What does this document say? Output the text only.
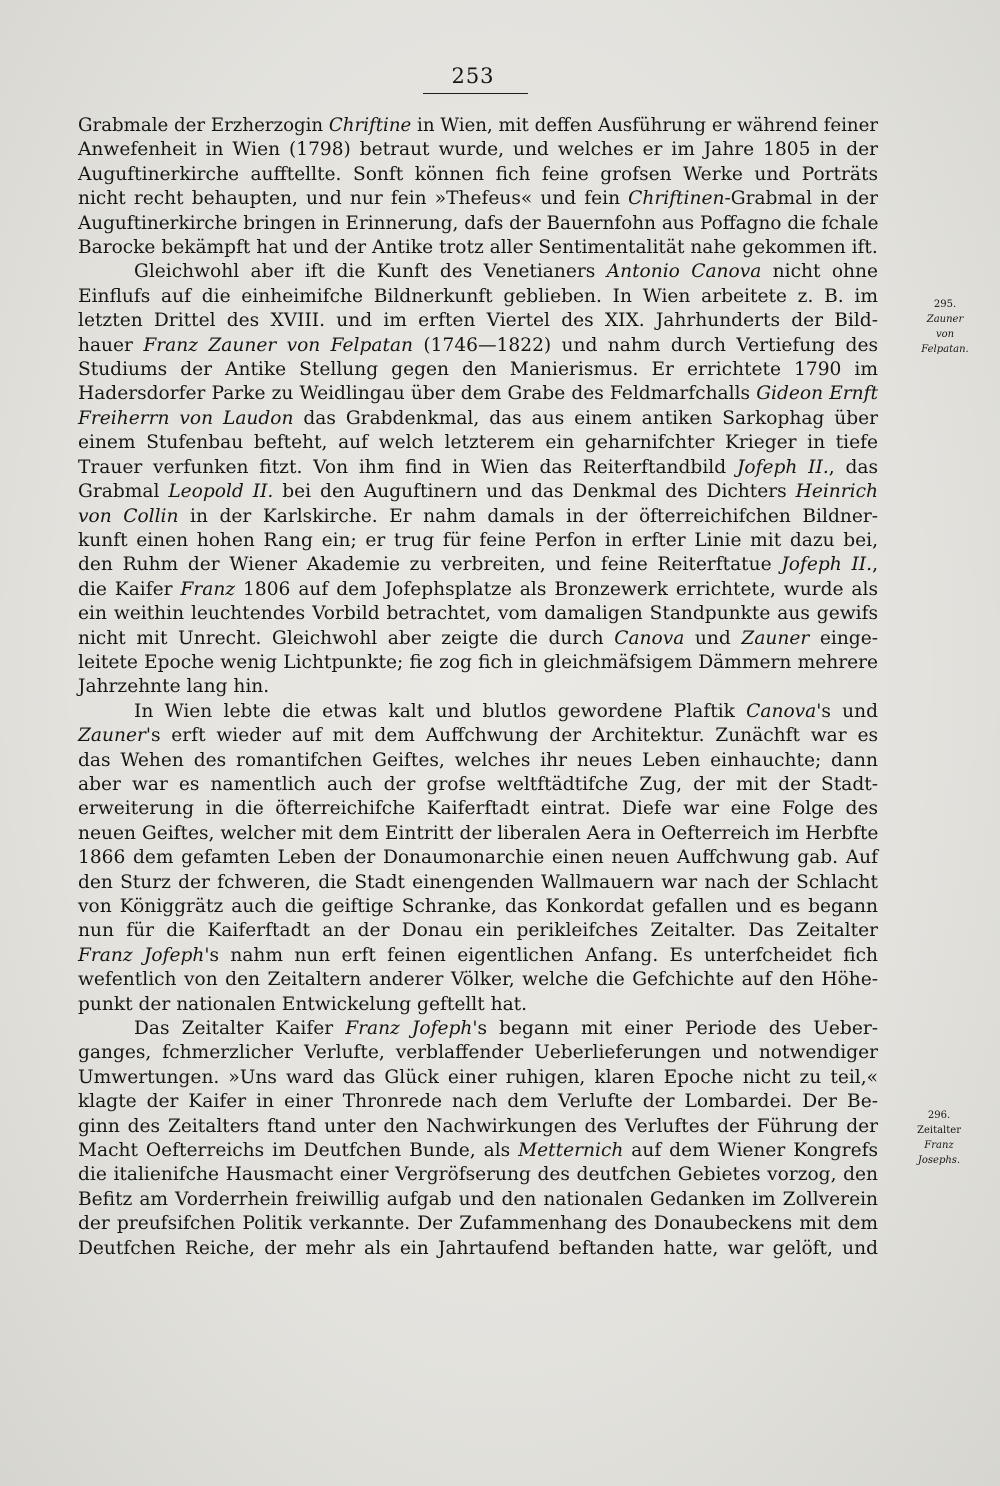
253
Grabmale der Erzherzogin Chriftine in Wien, mit deffen Ausführung er während feiner
Anwefenheit in Wien (1798) betraut wurde, und welches er im Jahre 1805 in der
Auguftinerkirche aufftellte. Sonft können fich feine grofsen Werke und Porträts
nicht recht behaupten, und nur fein »Thefeus« und fein Chriftinen-Grabmal in der
Auguftinerkirche bringen in Erinnerung, dafs der Bauernfohn aus Poffagno die fchale
Barocke bekämpft hat und der Antike trotz aller Sentimentalität nahe gekommen ift.
Gleichwohl aber ift die Kunft des Venetianers Antonio Canova nicht ohne
Einflufs auf die einheimifche Bildnerkunft geblieben. In Wien arbeitete z. B. im
letzten Drittel des XVIII. und im erften Viertel des XIX. Jahrhunderts der Bild-
hauer Franz Zauner von Felpatan (1746—1822) und nahm durch Vertiefung des
Studiums der Antike Stellung gegen den Manierismus. Er errichtete 1790 im
Hadersdorfer Parke zu Weidlingau über dem Grabe des Feldmarfchalls Gideon Ernft
Freiherrn von Laudon das Grabdenkmal, das aus einem antiken Sarkophag über
einem Stufenbau befteht, auf welch letzterem ein geharnifchter Krieger in tiefe
Trauer verfunken fitzt. Von ihm find in Wien das Reiterftandbild Jofeph II., das
Grabmal Leopold II. bei den Auguftinern und das Denkmal des Dichters Heinrich
von Collin in der Karlskirche. Er nahm damals in der öfterreichifchen Bildner-
kunft einen hohen Rang ein; er trug für feine Perfon in erfter Linie mit dazu bei,
den Ruhm der Wiener Akademie zu verbreiten, und feine Reiterftatue Jofeph II.,
die Kaifer Franz 1806 auf dem Jofephsplatze als Bronzewerk errichtete, wurde als
ein weithin leuchtendes Vorbild betrachtet, vom damaligen Standpunkte aus gewifs
nicht mit Unrecht. Gleichwohl aber zeigte die durch Canova und Zauner einge-
leitete Epoche wenig Lichtpunkte; fie zog fich in gleichmäfsigem Dämmern mehrere
Jahrzehnte lang hin.
In Wien lebte die etwas kalt und blutlos gewordene Plaftik Canova's und
Zauner's erft wieder auf mit dem Auffchwung der Architektur. Zunächft war es
das Wehen des romantifchen Geiftes, welches ihr neues Leben einhauchte; dann
aber war es namentlich auch der grofse weltftädtifche Zug, der mit der Stadt-
erweiterung in die öfterreichifche Kaiferftadt eintrat. Diefe war eine Folge des
neuen Geiftes, welcher mit dem Eintritt der liberalen Aera in Oefterreich im Herbfte
1866 dem gefamten Leben der Donaumonarchie einen neuen Auffchwung gab. Auf
den Sturz der fchweren, die Stadt einengenden Wallmauern war nach der Schlacht
von Königgrätz auch die geiftige Schranke, das Konkordat gefallen und es begann
nun für die Kaiferftadt an der Donau ein perikleifches Zeitalter. Das Zeitalter
Franz Jofeph's nahm nun erft feinen eigentlichen Anfang. Es unterfcheidet fich
wefentlich von den Zeitaltern anderer Völker, welche die Gefchichte auf den Höhe-
punkt der nationalen Entwickelung geftellt hat.
Das Zeitalter Kaifer Franz Jofeph's begann mit einer Periode des Ueber-
ganges, fchmerzlicher Verlufte, verblaffender Ueberlieferungen und notwendiger
Umwertungen. »Uns ward das Glück einer ruhigen, klaren Epoche nicht zu teil,«
klagte der Kaifer in einer Thronrede nach dem Verlufte der Lombardei. Der Be-
ginn des Zeitalters ftand unter den Nachwirkungen des Verluftes der Führung der
Macht Oefterreichs im Deutfchen Bunde, als Metternich auf dem Wiener Kongrefs
die italienifche Hausmacht einer Vergröfserung des deutfchen Gebietes vorzog, den
Befitz am Vorderrhein freiwillig aufgab und den nationalen Gedanken im Zollverein
der preufsifchen Politik verkannte. Der Zufammenhang des Donaubeckens mit dem
Deutfchen Reiche, der mehr als ein Jahrtaufend beftanden hatte, war gelöft, und
295.
Zauner
von
Felpatan.
296.
Zeitalter
Franz
Josephs.
